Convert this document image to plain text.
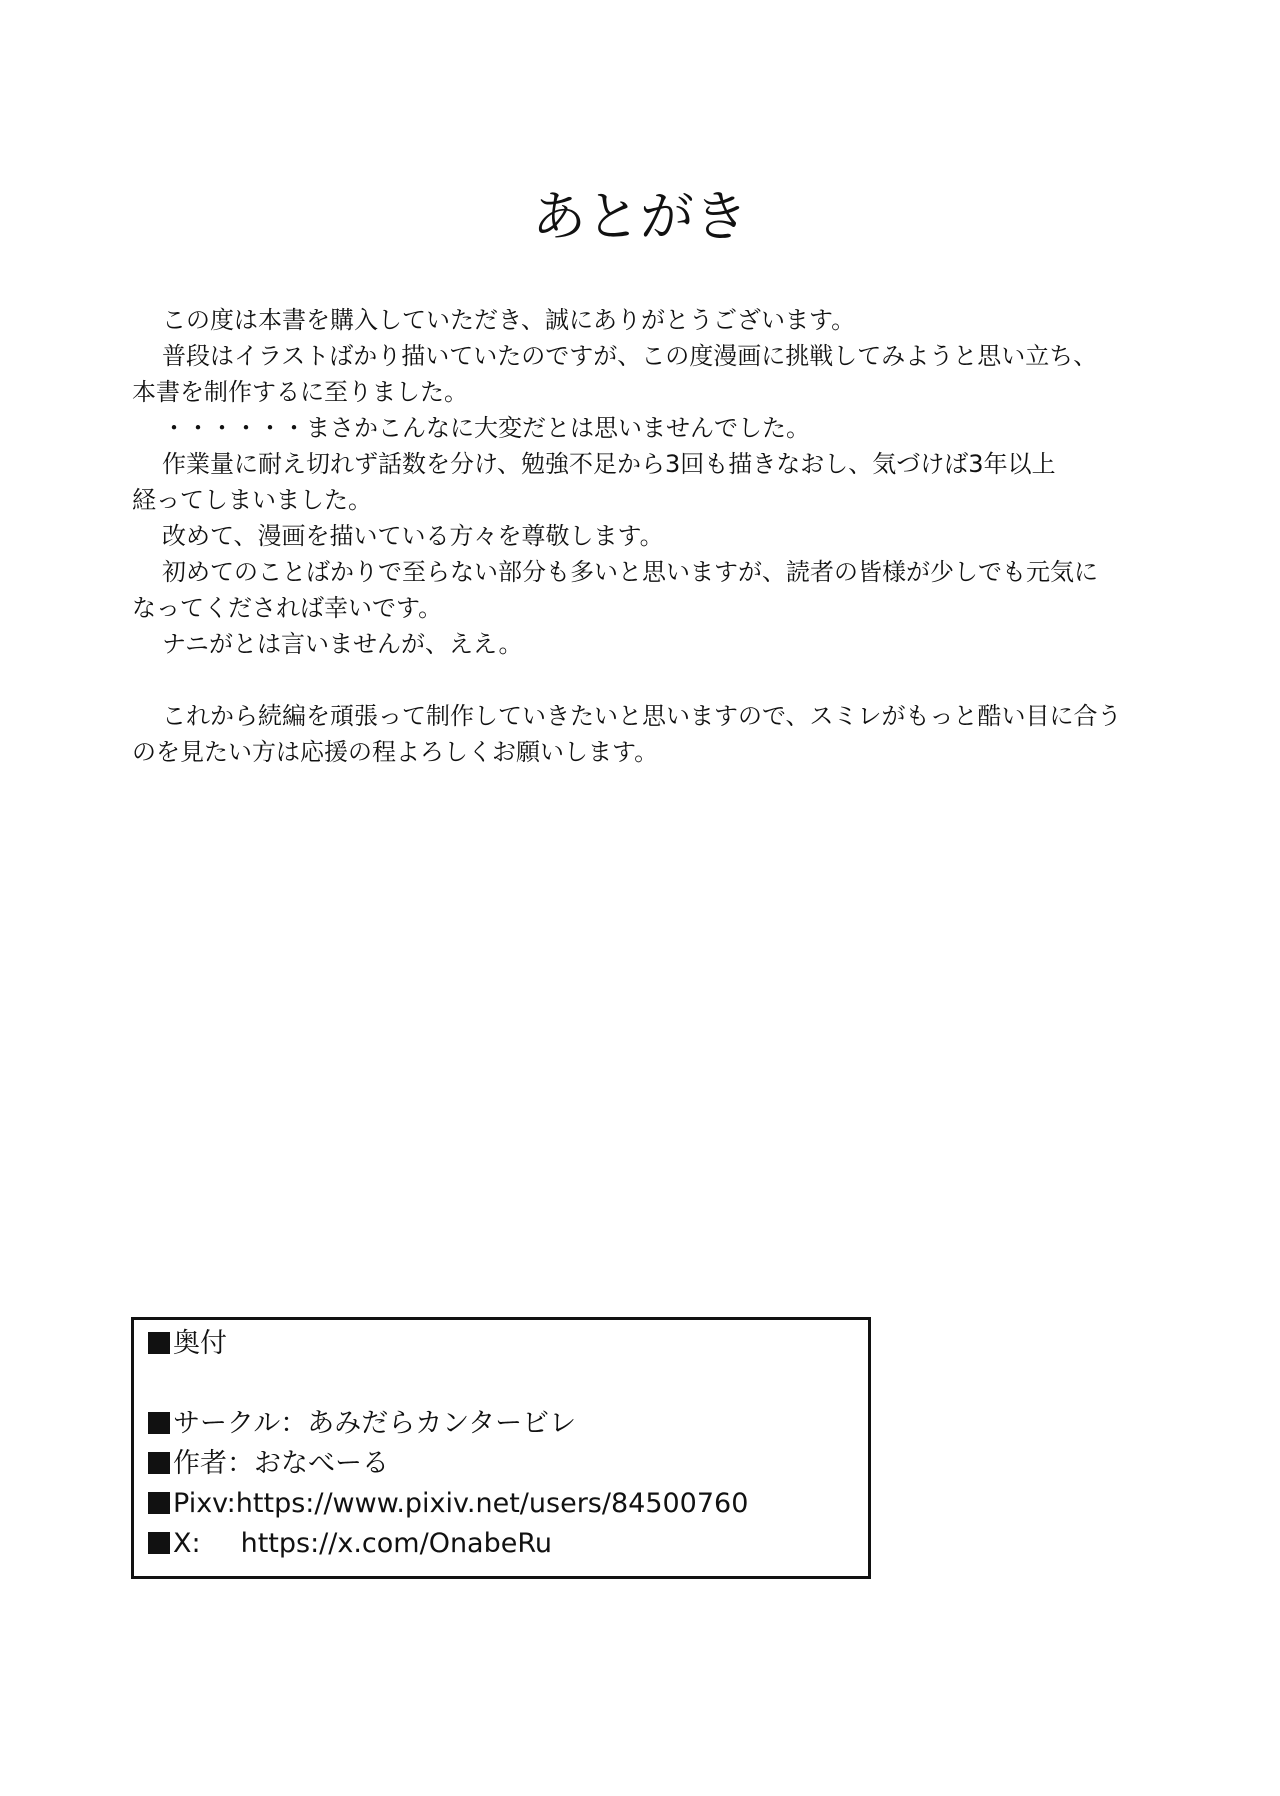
あとがき
この度は本書を購入していただき、誠にありがとうございます。
普段はイラストばかり描いていたのですが、この度漫画に挑戦してみようと思い立ち、
本書を制作するに至りました。
・・・・・・まさかこんなに大変だとは思いませんでした。
作業量に耐え切れず話数を分け、勉強不足から3回も描きなおし、気づけば3年以上
経ってしまいました。
改めて、漫画を描いている方々を尊敬します。
初めてのことばかりで至らない部分も多いと思いますが、読者の皆様が少しでも元気に
なってくだされば幸いです。
ナニがとは言いませんが、ええ。
これから続編を頑張って制作していきたいと思いますので、スミレがもっと酷い目に合う
のを見たい方は応援の程よろしくお願いします。
奥付
サークル：あみだらカンタービレ
作者：おなべーる
Pixv:https://www.pixiv.net/users/84500760
X: https://x.com/OnabeRu
